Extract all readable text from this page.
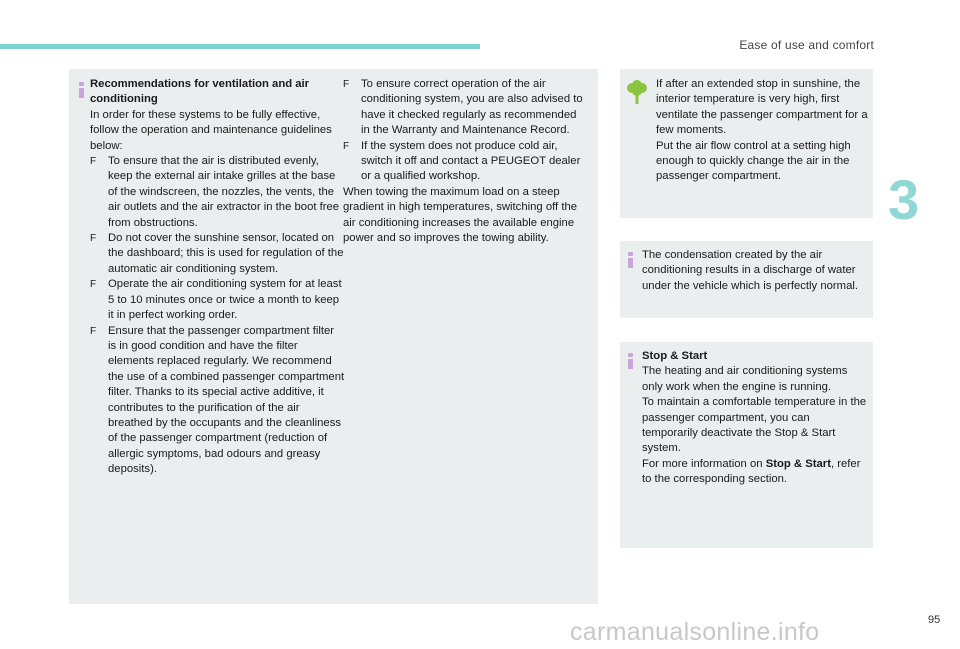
Ease of use and comfort
3

Recommendations for ventilation and air conditioning

In order for these systems to be fully effective, follow the operation and maintenance guidelines below:

F To ensure that the air is distributed evenly, keep the external air intake grilles at the base of the windscreen, the nozzles, the vents, the air outlets and the air extractor in the boot free from obstructions.

F Do not cover the sunshine sensor, located on the dashboard; this is used for regulation of the automatic air conditioning system.

F Operate the air conditioning system for at least 5 to 10 minutes once or twice a month to keep it in perfect working order.

F Ensure that the passenger compartment filter is in good condition and have the filter elements replaced regularly. We recommend the use of a combined passenger compartment filter. Thanks to its special active additive, it contributes to the purification of the air breathed by the occupants and the cleanliness of the passenger compartment (reduction of allergic symptoms, bad odours and greasy deposits).

F To ensure correct operation of the air conditioning system, you are also advised to have it checked regularly as recommended in the Warranty and Maintenance Record.

F If the system does not produce cold air, switch it off and contact a PEUGEOT dealer or a qualified workshop.

When towing the maximum load on a steep gradient in high temperatures, switching off the air conditioning increases the available engine power and so improves the towing ability.

If after an extended stop in sunshine, the interior temperature is very high, first ventilate the passenger compartment for a few moments.

Put the air flow control at a setting high enough to quickly change the air in the passenger compartment.

The condensation created by the air conditioning results in a discharge of water under the vehicle which is perfectly normal.

Stop & Start

The heating and air conditioning systems only work when the engine is running.

To maintain a comfortable temperature in the passenger compartment, you can temporarily deactivate the Stop & Start system.

For more information on Stop & Start, refer to the corresponding section.

95
carmanualsonline.info
